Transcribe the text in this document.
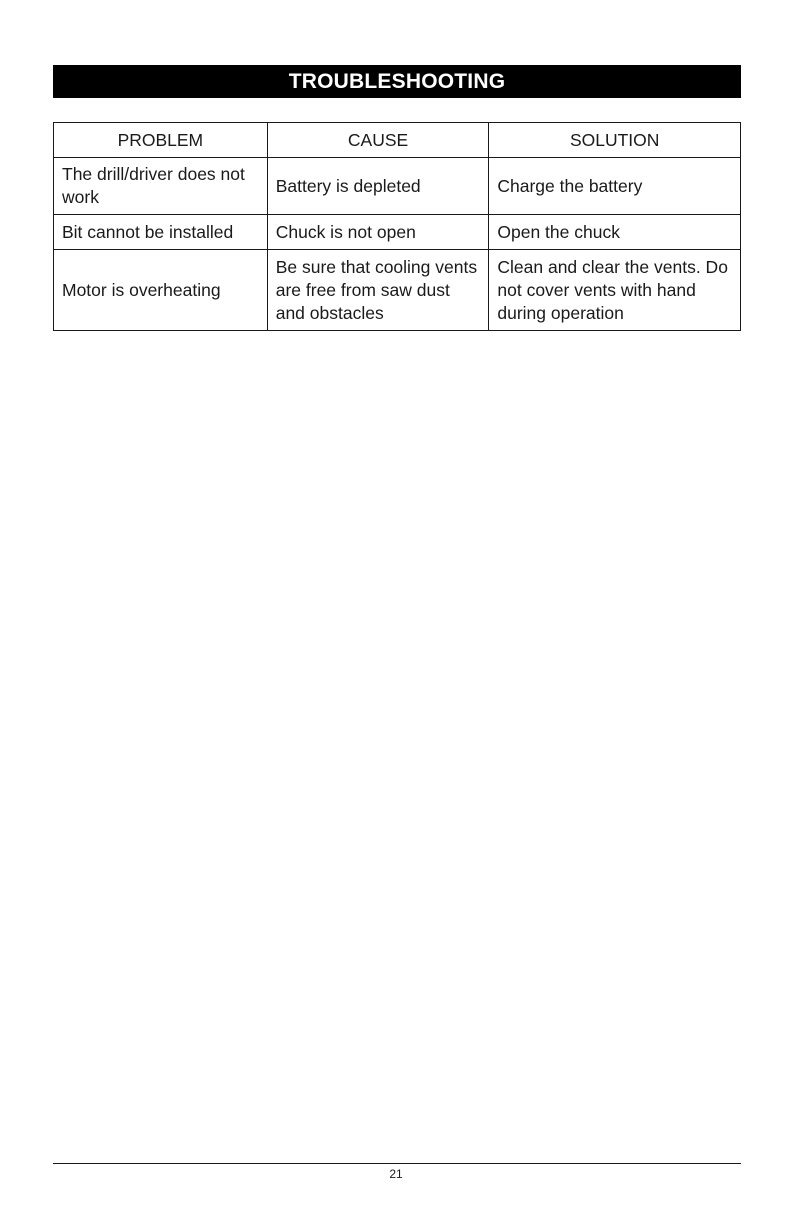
TROUBLESHOOTING
PROBLEM	CAUSE	SOLUTION
The drill/driver does not work	Battery is depleted	Charge the battery
Bit cannot be installed	Chuck is not open	Open the chuck
Motor is overheating	Be sure that cooling vents are free from saw dust and obstacles	Clean and clear the vents. Do not cover vents with hand during operation
21
